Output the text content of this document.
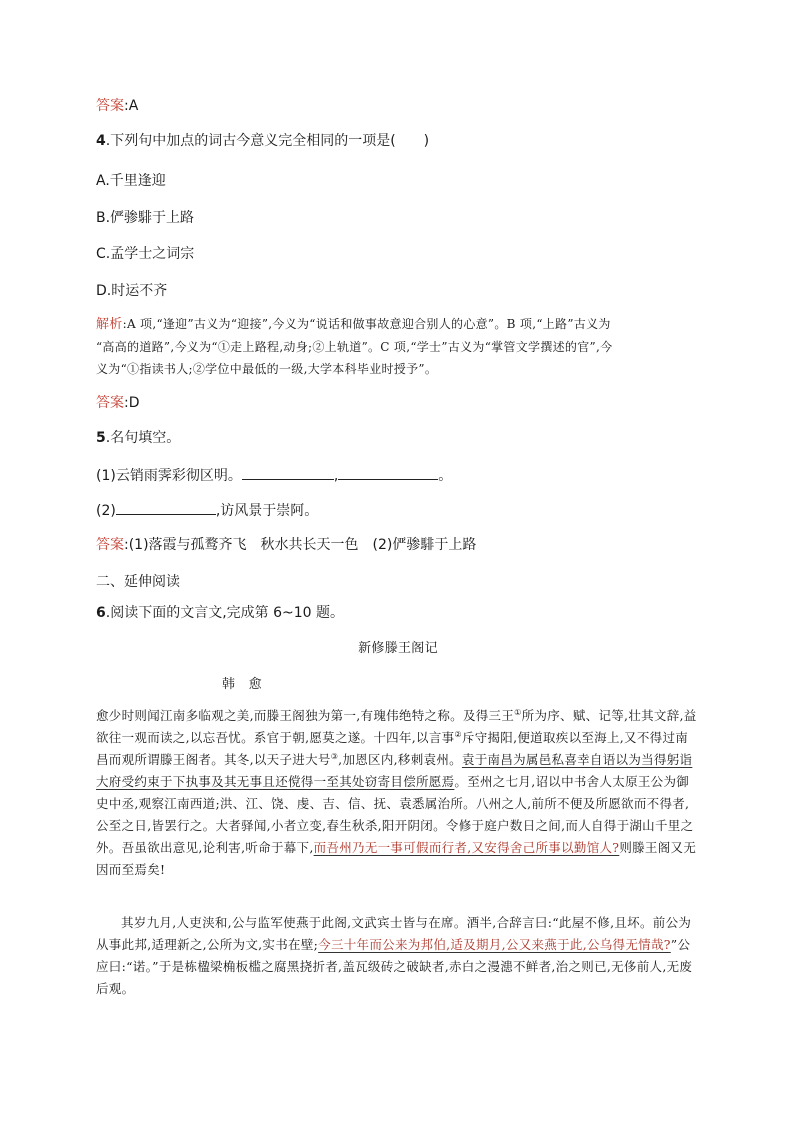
答案:A
4.下列句中加点的词古今意义完全相同的一项是(　　)
A.千里逢迎
B.俨骖騑于上路
C.孟学士之词宗
D.时运不齐
解析:A 项,“逢迎”古义为“迎接”,今义为“说话和做事故意迎合别人的心意”。B 项,“上路”古义为
“高高的道路”,今义为“①走上路程,动身;②上轨道”。C 项,“学士”古义为“掌管文学撰述的官”,今
义为“①指读书人;②学位中最低的一级,大学本科毕业时授予”。
答案:D
5.名句填空。
(1)云销雨霁彩彻区明。	,	。
(2)	,访风景于崇阿。
答案:(1)落霞与孤鹜齐飞　秋水共长天一色　(2)俨骖騑于上路
二、延伸阅读
6.阅读下面的文言文,完成第 6~10 题。
新修滕王阁记
韩　愈
愈少时则闻江南多临观之美,而滕王阁独为第一,有瑰伟绝特之称。及得三王①所为序、赋、记等,壮其文辞,益欲往一观而读之,以忘吾忧。系官于朝,愿莫之遂。十四年,以言事②斥守揭阳,便道取疾以至海上,又不得过南昌而观所谓滕王阁者。其冬,以天子进大号③,加恩区内,移刺袁州。袁于南昌为属邑私喜幸自语以为当得躬诣大府受约束于下执事及其无事且还傥得一至其处窃寄目偿所愿焉。至州之七月,诏以中书舍人太原王公为御史中丞,观察江南西道;洪、江、饶、虔、吉、信、抚、袁悉属治所。八州之人,前所不便及所愿欲而不得者,公至之日,皆罢行之。大者驿闻,小者立变,春生秋杀,阳开阴闭。令修于庭户数日之间,而人自得于湖山千里之外。吾虽欲出意见,论利害,听命于幕下,而吾州乃无一事可假而行者,又安得舍己所事以勤馆人?则滕王阁又无因而至焉矣!
其岁九月,人吏浃和,公与监军使燕于此阁,文武宾士皆与在席。酒半,合辞言曰:“此屋不修,且坏。前公为从事此邦,适理新之,公所为文,实书在壁;今三十年而公来为邦伯,适及期月,公又来燕于此,公乌得无情哉?”公应曰:“诺。”于是栋楹梁桷板槛之腐黑挠折者,盖瓦级砖之破缺者,赤白之漫漶不鲜者,治之则已,无侈前人,无废后观。
